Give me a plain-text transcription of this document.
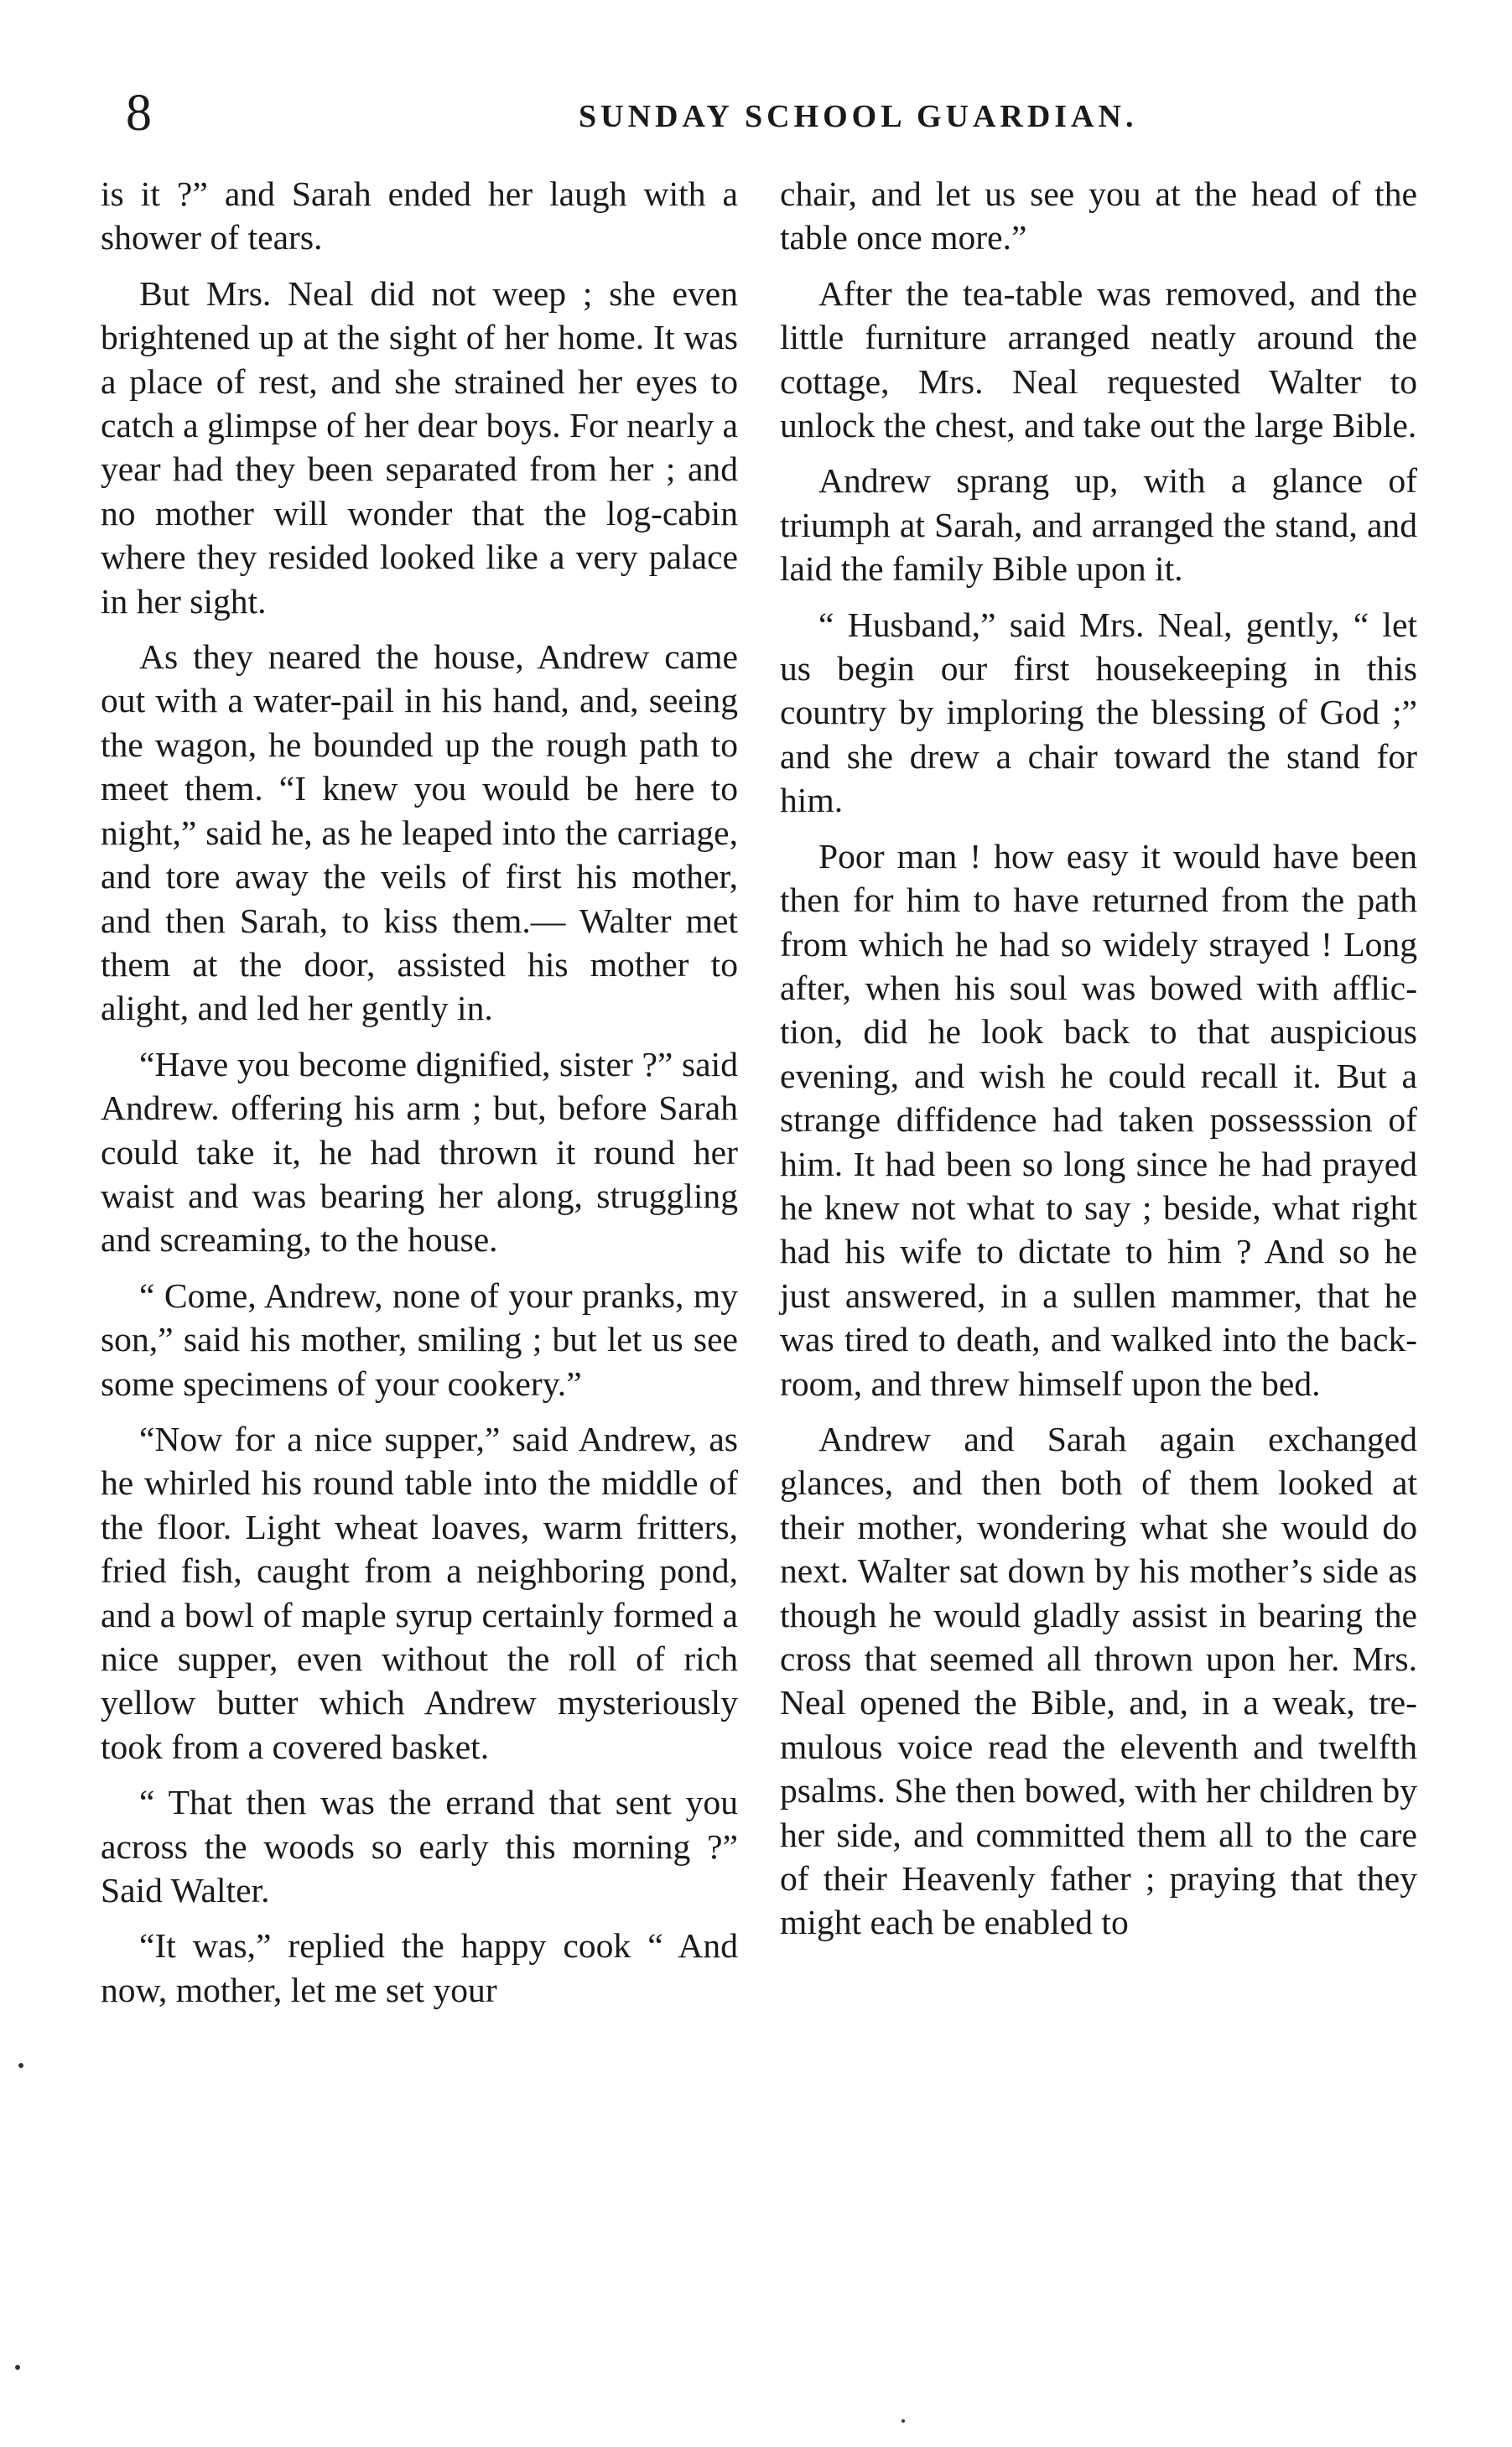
8	SUNDAY SCHOOL GUARDIAN.

is it ?” and Sarah ended her laugh with a shower of tears.

But Mrs. Neal did not weep ; she even brightened up at the sight of her home. It was a place of rest, and she strained her eyes to catch a glimpse of her dear boys. For nearly a year had they been separated from her ; and no mother will wonder that the log-cabin where they resided looked like a very palace in her sight.

As they neared the house, Andrew came out with a water-pail in his hand, and, seeing the wagon, he bounded up the rough path to meet them. “I knew you would be here to night,” said he, as he leaped into the carriage, and tore away the veils of first his mother, and then Sarah, to kiss them.— Walter met them at the door, assisted his mother to alight, and led her gently in.

“Have you become dignified, sister ?” said Andrew. offering his arm ; but, before Sarah could take it, he had thrown it round her waist and was bearing her along, struggling and screaming, to the house.

“ Come, Andrew, none of your pranks, my son,” said his mother, smiling ; but let us see some specimens of your cookery.”

“Now for a nice supper,” said Andrew, as he whirled his round table into the middle of the floor. Light wheat loaves, warm fritters, fried fish, caught from a neighboring pond, and a bowl of maple syrup certainly formed a nice supper, even without the roll of rich yellow butter which Andrew mysteriously took from a covered basket.

“ That then was the errand that sent you across the woods so early this morning ?” Said Walter.

“It was,” replied the happy cook “ And now, mother, let me set your

chair, and let us see you at the head of the table once more.”

After the tea-table was removed, and the little furniture arranged neatly around the cottage, Mrs. Neal requested Walter to unlock the chest, and take out the large Bible.

Andrew sprang up, with a glance of triumph at Sarah, and arranged the stand, and laid the family Bible upon it.

“ Husband,” said Mrs. Neal, gently, “ let us begin our first housekeeping in this country by imploring the blessing of God ;” and she drew a chair toward the stand for him.

Poor man ! how easy it would have been then for him to have returned from the path from which he had so widely strayed ! Long after, when his soul was bowed with affliction, did he look back to that auspicious evening, and wish he could recall it. But a strange diffidence had taken possesssion of him. It had been so long since he had prayed he knew not what to say ; beside, what right had his wife to dictate to him ? And so he just answered, in a sullen mammer, that he was tired to death, and walked into the back-room, and threw himself upon the bed.

Andrew and Sarah again exchanged glances, and then both of them looked at their mother, wondering what she would do next. Walter sat down by his mother’s side as though he would gladly assist in bearing the cross that seemed all thrown upon her. Mrs. Neal opened the Bible, and, in a weak, tremulous voice read the eleventh and twelfth psalms. She then bowed, with her children by her side, and committed them all to the care of their Heavenly father ; praying that they might each be enabled to
